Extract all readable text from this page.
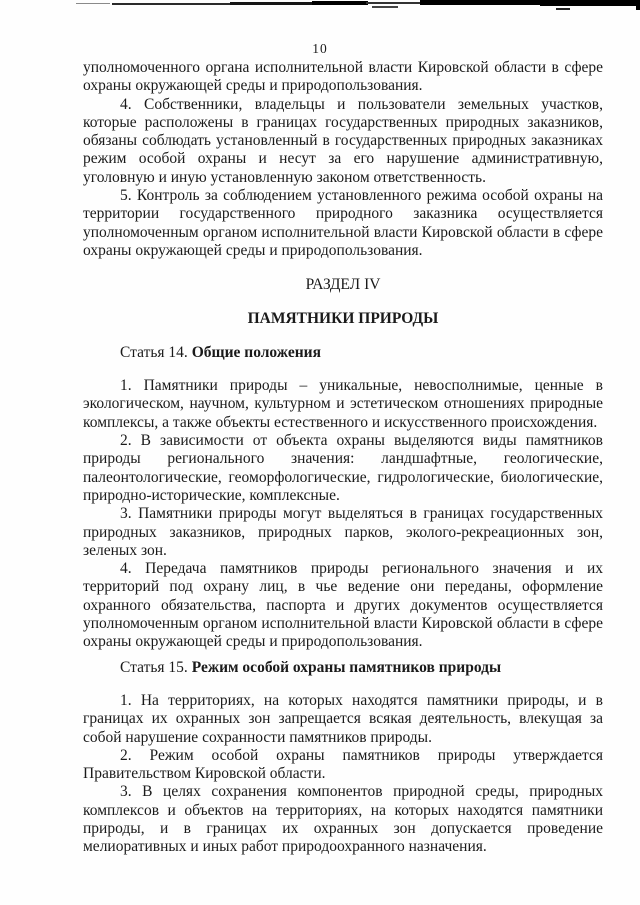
10

уполномоченного органа исполнительной власти Кировской области в сфере охраны окружающей среды и природопользования.

4. Собственники, владельцы и пользователи земельных участков, которые расположены в границах государственных природных заказников, обязаны соблюдать установленный в государственных природных заказниках режим особой охраны и несут за его нарушение административную, уголовную и иную установленную законом ответственность.

5. Контроль за соблюдением установленного режима особой охраны на территории государственного природного заказника осуществляется уполномоченным органом исполнительной власти Кировской области в сфере охраны окружающей среды и природопользования.

РАЗДЕЛ IV

ПАМЯТНИКИ ПРИРОДЫ

Статья 14. Общие положения

1. Памятники природы – уникальные, невосполнимые, ценные в экологическом, научном, культурном и эстетическом отношениях природные комплексы, а также объекты естественного и искусственного происхождения.

2. В зависимости от объекта охраны выделяются виды памятников природы регионального значения: ландшафтные, геологические, палеонтологические, геоморфологические, гидрологические, биологические, природно-исторические, комплексные.

3. Памятники природы могут выделяться в границах государственных природных заказников, природных парков, эколого-рекреационных зон, зеленых зон.

4. Передача памятников природы регионального значения и их территорий под охрану лиц, в чье ведение они переданы, оформление охранного обязательства, паспорта и других документов осуществляется уполномоченным органом исполнительной власти Кировской области в сфере охраны окружающей среды и природопользования.

Статья 15. Режим особой охраны памятников природы

1. На территориях, на которых находятся памятники природы, и в границах их охранных зон запрещается всякая деятельность, влекущая за собой нарушение сохранности памятников природы.

2. Режим особой охраны памятников природы утверждается Правительством Кировской области.

3. В целях сохранения компонентов природной среды, природных комплексов и объектов на территориях, на которых находятся памятники природы, и в границах их охранных зон допускается проведение мелиоративных и иных работ природоохранного назначения.
